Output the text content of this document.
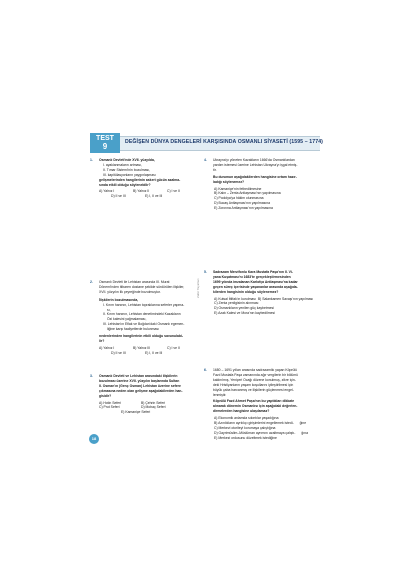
TEST
9	DEĞİŞEN DÜNYA DENGELERİ KARŞISINDA OSMANLI SİYASETİ (1595 – 1774)
1. Osmanlı Devleti'nde XVII. yüzyılda,
I. ayaklanmaların artması,
II. Tımar Sistemi'nin bozulması,
III. kapitülasyonların yaygınlaşması
gelişmelerinden hangilerinin askerî gücün azalma-
sında etkili olduğu söylenebilir?
A) Yalnız I	B) Yalnız II	C) I ve II
D) II ve III	E) I, II ve III
2. Osmanlı Devleti ile Lehistan arasında III. Murat
Dönemi'nden itibaren dostane şekilde sürdürülen ilişkiler,
XVII. yüzyılın ilk çeyreğinde bozulmuştur.
İlişkilerin bozulmasında,
I. Kırım hanının, Lehistan topraklarına seferler yapma-
sı,
II. Kırım hanının, Lehistan denetimindeki Kazakların
Özi kalesini yağmalaması,
III. Lehistan'ın Eflak ve Boğdan'daki Osmanlı egemen-
liğine karşı faaliyetlerde bulunması
nedenlerinden hangilerinin etkili olduğu savunulabi-
lir?
A) Yalnız I	B) Yalnız III	C) I ve II
D) II ve III	E) I, II ve III
3. Osmanlı Devleti ve Lehistan arasındaki ilişkilerin
bozulması üzerine XVII. yüzyılın başlarında Sultan
II. Osman'ın (Genç Osman) Lehistan üzerine sefere
çıkmasına neden olan gelişme aşağıdakilerden han-
gisidir?
A) Hotin Seferi	B) Çehrin Seferi
C) Prut Seferi	D) Mohaç Seferi
E) Kamaniçe Seferi
4. Ukrayna'yı yöneten Kazakların 1666'da Osmanlılardan
yardım istemesi üzerine Lehistan Ukrayna'yı işgal etmiş-
tir.
Bu durumun aşağıdakilerden hangisine ortam hazır-
ladığı söylenemez?
A) Kamaniçe'nin fethedilmesine B) Kalın – Zenta Antlaşması'nın yapılmasına C) Podolya'ya hâkim olunmasına D) Bucaş Antlaşması'nın yapılmasına E) Zorovna Antlaşması'nın yapılmasına
5. Sadrazam Merzifonlu Kara Mustafa Paşa'nın II. Vi-
yana Kuşatması'nı 1683'te gerçekleştirmesinden
1699 yılında imzalanan Karlofça Antlaşması'na kadar
geçen süreç içerisinde yaşananlar arasında aşağıda-
kilerden hangisinin olduğu söylenemez?
A) Kutsal İttifak'ın kurulması B) Salankamen Savaşı'nın yapılması C) Zenta yenilgisinin alınması D) Osmanlıların yenilen güç kaybetmesi E) Azak Kalesi ve Mora'nın kaybedilmesi
6. 1680 – 1691 yılları arasında sadrazamlık yapan Köprülü
Fazıl Mustafa Paşa zamanında ağır vergilerin bir bölümü
kaldırılmış, Yeniçeri Ocağı düzene konulmuş, zikre için-
deki Hristiyanların yaşam koşullarını iyileştirilmesi için
büyük çaba harcanmış ve ilişkilerin güçlenmesi engel-
lenmiştir.
Köprülü Fazıl Ahmet Paşa'nın bu yaptıkları dikkate
alınarak dönemin Osmanlısı için aşağıdaki değerlen-
dirmelerden hangisine ulaşılamaz?
A) Ekonomik anlamda sıkıntılar yaşadığına B) Azınlıkların ayrılıkçı girişimlerini engellemek istedi- ğine C) Merkezi otoriteyi korumaya çalıştığına D) Gayrimüslim–Müslüman ayrımını azaltmaya çalıştı- ğına E) Merkezi ordusunu düzeltmek istediğine
Zafer Yayınları
18
